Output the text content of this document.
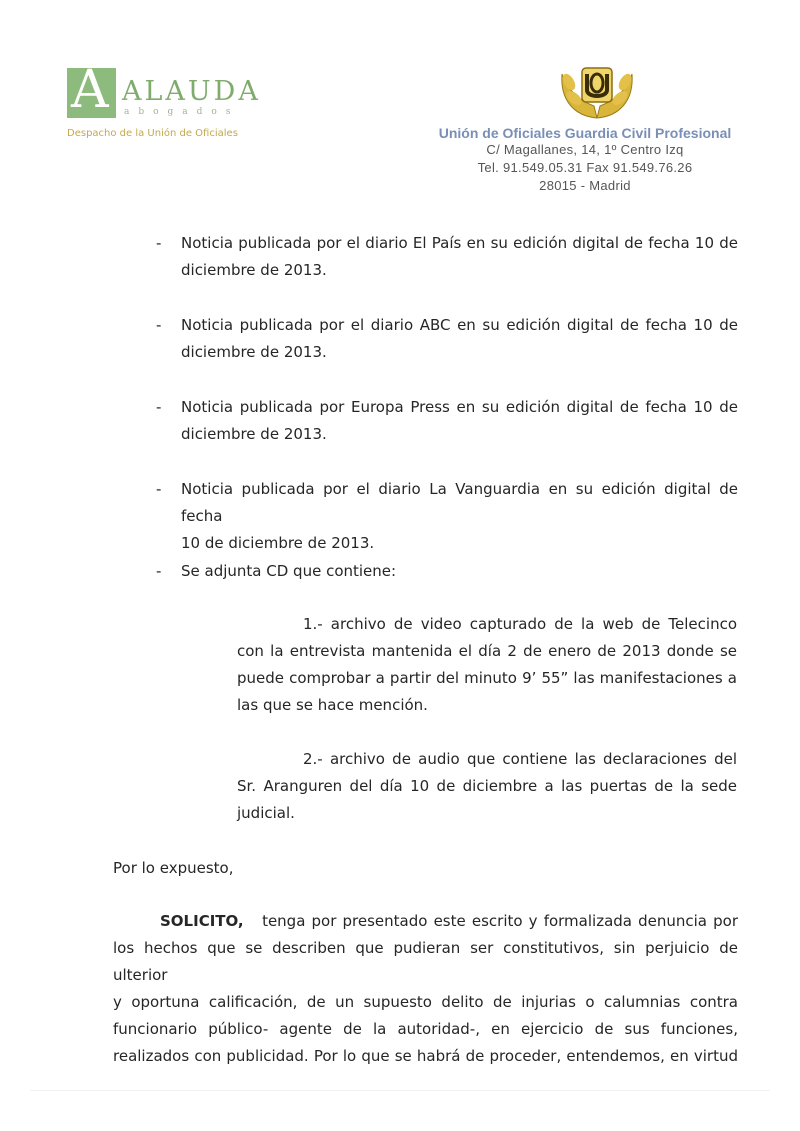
A ALAUDA
abogados
Despacho de la Unión de Oficiales	Unión de Oficiales Guardia Civil Profesional
C/ Magallanes, 14, 1º Centro Izq
Tel. 91.549.05.31 Fax 91.549.76.26
28015 - Madrid
- Noticia publicada por el diario El País en su edición digital de fecha 10 de
diciembre de 2013.
- Noticia publicada por el diario ABC en su edición digital de fecha 10 de
diciembre de 2013.
- Noticia publicada por Europa Press en su edición digital de fecha 10 de
diciembre de 2013.
- Noticia publicada por el diario La Vanguardia en su edición digital de fecha
10 de diciembre de 2013.
- Se adjunta CD que contiene:
1.- archivo de video capturado de la web de Telecinco
con la entrevista mantenida el día 2 de enero de 2013 donde se
puede comprobar a partir del minuto 9’ 55” las manifestaciones a
las que se hace mención.
2.- archivo de audio que contiene las declaraciones del
Sr. Aranguren del día 10 de diciembre a las puertas de la sede
judicial.
Por lo expuesto,
SOLICITO, tenga por presentado este escrito y formalizada denuncia por
los hechos que se describen que pudieran ser constitutivos, sin perjuicio de ulterior
y oportuna calificación, de un supuesto delito de injurias o calumnias contra
funcionario público- agente de la autoridad-, en ejercicio de sus funciones,
realizados con publicidad. Por lo que se habrá de proceder, entendemos, en virtud
